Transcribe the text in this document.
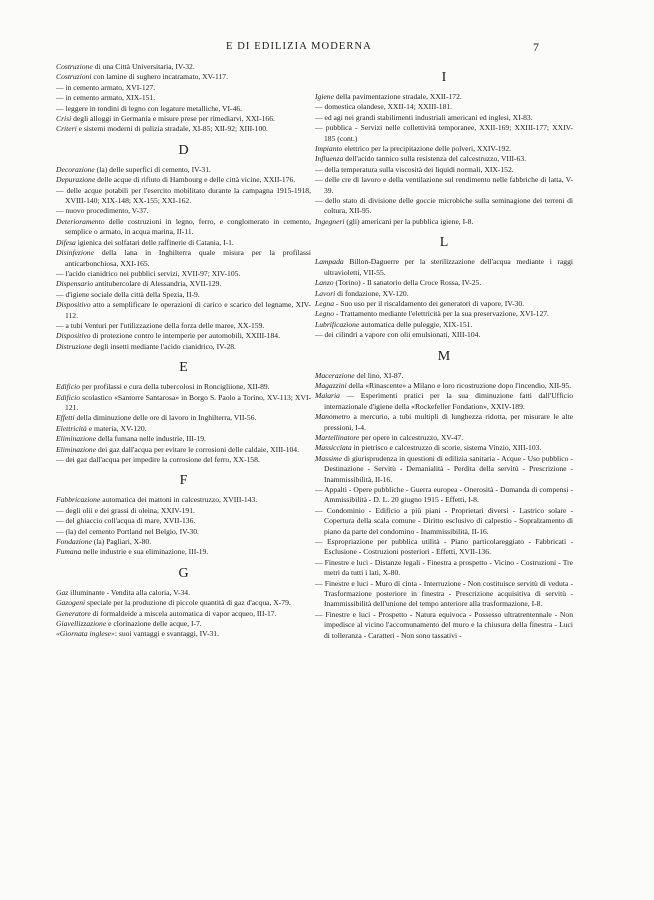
E DI EDILIZIA MODERNA	7
Costruzione di una Città Universitaria, IV-32.
Costruzioni con lamine di sughero incatramato, XV-117.
— in cemento armato, XVI-127.
— in cemento armato, XIX-151.
— leggere in tondini di legno con legature metalliche, VI-46.
Crisi degli alloggi in Germania e misure prese per rimediarvi, XXI-166.
Criteri e sistemi moderni di pulizia stradale, XI-85; XII-92; XIII-100.
D
Decorazione (la) delle superfici di cemento, IV-31.
Depurazione delle acque di rifiuto di Hambourg e delle città vicine, XXII-176.
— delle acque potabili per l'esercito mobilitato durante la campagna 1915-1918, XVIII-140; XIX-148; XX-155; XXI-162.
— nuovo procedimento, V-37.
Deterioramento delle costruzioni in legno, ferro, e conglomerato in cemento, semplice o armato, in acqua marina, II-11.
Difesa igienica dei solfatari delle raffinerie di Catania, I-1.
Disinfezione della lana in Inghilterra quale misura per la profilassi anticarbonchiosa, XXI-165.
— l'acido cianidrico nei pubblici servizi, XVII-97; XIV-105.
Dispensario antitubercolare di Alessandria, XVII-129.
— d'igiene sociale della città della Spezia, II-9.
Dispositivo atto a semplificare le operazioni di carico e scarico del legname, XIV-112.
— a tubi Venturi per l'utilizzazione della forza delle maree, XX-159.
Dispositivo di protezione contro le intemperie per automobili, XXIII-184.
Distruzione degli insetti mediante l'acido cianidrico, IV-28.
E
Edificio per profilassi e cura della tubercolosi in Roncigliione, XII-89.
Edificio scolastico «Santorre Santarosa» in Borgo S. Paolo a Torino, XV-113; XVI-121.
Effetti della diminuzione delle ore di lavoro in Inghilterra, VII-56.
Elettricità e materia, XV-120.
Eliminazione della fumana nelle industrie, III-19.
Eliminazione dei gaz dall'acqua per evitare le corrosioni delle caldaie, XIII-104.
— dei gaz dall'acqua per impedire la corrosione del ferro, XX-158.
F
Fabbricazione automatica dei mattoni in calcestruzzo, XVIII-143.
— degli olii e dei grassi di oleina, XXIV-191.
— del ghiaccio coll'acqua di mare, XVII-136.
— (la) del cemento Portland nel Belgio, IV-30.
Fondazione (la) Pagliari, X-80.
Fumana nelle industrie e sua eliminazione, III-19.
G
Gaz illuminante - Vendita alla caloria, V-34.
Gazogeni speciale per la produzione di piccole quantità di gaz d'acqua, X-79.
Generatore di formaldeide a miscela automatica di vapor acqueo, III-17.
Giavellizzazione e clorinazione delle acque, I-7.
«Giornata inglese»: suoi vantaggi e svantaggi, IV-31.
I
Igiene della pavimentazione stradale, XXII-172.
— domestica olandese, XXII-14; XXIII-181.
— ed agi nei grandi stabilimenti industriali americani ed inglesi, XI-83.
— pubblica - Servizi nelle collettività temporanee, XXII-169; XXIII-177; XXIV-185 (cont.)
Impianto elettrico per la precipitazione delle polveri, XXIV-192.
Influenza dell'acido tannico sulla resistenza del calcestruzzo, VIII-63.
— della temperatura sulla viscosità dei liquidi normali, XIX-152.
— delle cre di lavoro e della ventilazione sul rendimento nelle fabbriche di latta, V-39.
— dello stato di divisione delle goccie microbiche sulla seminagione dei terreni di coltura, XII-95.
Ingegneri (gli) americani per la pubblica igiene, I-8.
L
Lampada Billon-Daguerre per la sterilizzazione dell'acqua mediante i raggi ultravioletti, VII-55.
Lanzo (Torino) - Il sanatorio della Croce Rossa, IV-25.
Lavori di fondazione, XV-120.
Legna - Suo uso per il riscaldamento dei generatori di vapore, IV-30.
Legno - Trattamento mediante l'elettricità per la sua preservazione, XVI-127.
Lubrificazione automatica delle puleggie, XIX-151.
— dei cilindri a vapore con olii emulsionati, XIII-104.
M
Macerazione del lino, XI-87.
Magazzini della «Rinascente» a Milano e loro ricostruzione dopo l'incendio, XII-95.
Malaria — Esperimenti pratici per la sua diminuzione fatti dall'Ufficio internazionale d'igiene della «Rockefeller Fondation», XXIV-189.
Manometro a mercurio, a tubi multipli di lunghezza ridotta, per misurare le alte pressioni, I-4.
Martellinatore per opere in calcestruzzo, XV-47.
Massicciata in pietrisco e calcestruzzo di scorie, sistema Vinzio, XIII-103.
Massime di giurisprudenza in questioni di edilizia sanitaria - Acque - Uso pubblico - Destinazione - Servitù - Demanialità - Perdita della servitù - Prescrizione - Inammissibilità, II-16.
— Appalti - Opere pubbliche - Guerra europea - Onerosità - Domanda di compensi - Ammissibilità - D. L. 20 giugno 1915 - Effetti, I-8.
— Condominio - Edificio a più piani - Proprietari diversi - Lastrico solare - Copertura della scala comune - Diritto esclusivo di calpestio - Sopralzamento di piano da parte del condomino - Inammissibilità, II-16.
— Espropriazione per pubblica utilità - Piano particolareggiato - Fabbricati - Esclusione - Costruzioni posteriori - Effetti, XVII-136.
— Finestre e luci - Distanze legali - Finestra a prospetto - Vicino - Costruzioni - Tre metri da tutti i lati, X-80.
— Finestre e luci - Muro di cinta - Interruzione - Non costituisce servitù di veduta - Trasformazione posteriore in finestra - Prescrizione acquisitiva di servitù - Inammissibilità dell'unione del tempo anteriore alla trasformazione, I-8.
— Finestre e luci - Prospetto - Natura equivoca - Possesso ultratrentennale - Non impedisce al vicino l'accomunamento del muro e la chiusura della finestra - Luci di tolleranza - Caratteri - Non sono tassativi -
